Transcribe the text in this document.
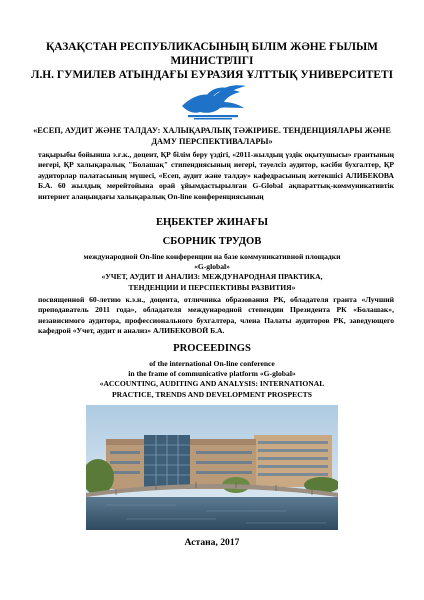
ҚАЗАҚСТАН РЕСПУБЛИКАСЫНЫҢ БІЛІМ ЖӘНЕ ҒЫЛЫМ
МИНИСТРЛІГІ
Л.Н. ГУМИЛЕВ АТЫНДАҒЫ ЕУРАЗИЯ ҰЛТТЫҚ УНИВЕРСИТЕТІ
«ЕСЕП, АУДИТ ЖӘНЕ ТАЛДАУ: ХАЛЫҚАРАЛЫҚ ТӘЖІРИБЕ. ТЕНДЕНЦИЯЛАРЫ ЖӘНЕ
ДАМУ ПЕРСПЕКТИВАЛАРЫ»
тақырыбы бойынша э.ғ.к., доцент, ҚР білім беру үздігі, «2011-жылдың үздік оқытушысы» грантының иегері, ҚР халықаралық "Болашақ" стипендиясының иегері, тәуелсіз аудитор, кәсіби бухгалтер, ҚР аудиторлар палатасының мүшесі, «Есеп, аудит және талдау» кафедрасының жетекшісі АЛИБЕКОВА Б.А. 60 жылдық мерейтойына орай ұйымдастырылған G-Global ақпараттық-коммуникативтік интернет алаңындағы халықаралық On-line конференциясының
ЕҢБЕКТЕР ЖИНАҒЫ
СБОРНИК ТРУДОВ
международной On-line конференции на базе коммуникативной площадки
«G-global»
«УЧЕТ, АУДИТ И АНАЛИЗ: МЕЖДУНАРОДНАЯ ПРАКТИКА,
ТЕНДЕНЦИИ И ПЕРСПЕКТИВЫ РАЗВИТИЯ»
посвященной 60-летию к.э.н., доцента, отличника образования РК, обладателя гранта «Лучший преподаватель 2011 года», обладателя международной степендии Президента РК «Болашак», независимого аудитора, профессионального бухгалтера, члена Палаты аудиторов РК, заведующего кафедрой «Учет, аудит и анализ» АЛИБЕКОВОЙ Б.А.
PROCEEDINGS
of the international On-line conference
in the frame of communicative platform «G-global»
«ACCOUNTING, AUDITING AND ANALYSIS: INTERNATIONAL
PRACTICE, TRENDS AND DEVELOPMENT PROSPECTS
Астана, 2017
